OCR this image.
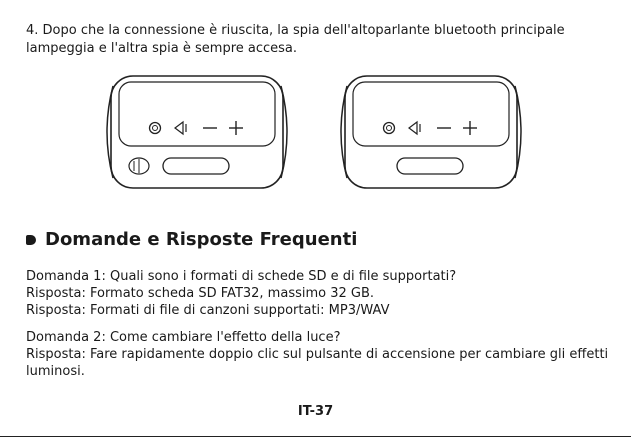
4. Dopo che la connessione è riuscita, la spia dell'altoparlante bluetooth principale lampeggia e l'altra spia è sempre accesa.

Domande e Risposte Frequenti

Domanda 1: Quali sono i formati di schede SD e di file supportati?
Risposta: Formato scheda SD FAT32, massimo 32 GB.
Risposta: Formati di file di canzoni supportati: MP3/WAV

Domanda 2: Come cambiare l'effetto della luce?
Risposta: Fare rapidamente doppio clic sul pulsante di accensione per cambiare gli effetti luminosi.

IT-37
